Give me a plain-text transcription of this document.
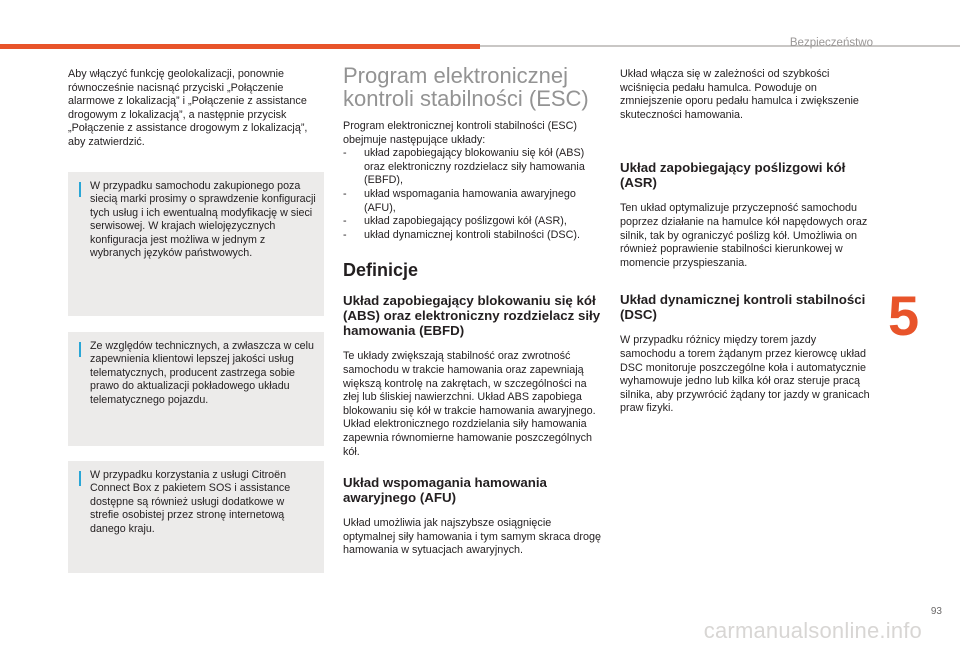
Bezpieczeństwo
5

Aby włączyć funkcję geolokalizacji, ponownie równocześnie nacisnąć przyciski „Połączenie alarmowe z lokalizacją” i „Połączenie z assistance drogowym z lokalizacją”, a następnie przycisk „Połączenie z assistance drogowym z lokalizacją”, aby zatwierdzić.

W przypadku samochodu zakupionego poza siecią marki prosimy o sprawdzenie konfiguracji tych usług i ich ewentualną modyfikację w sieci serwisowej. W krajach wielojęzycznych konfiguracja jest możliwa w jednym z wybranych języków państwowych.

Ze względów technicznych, a zwłaszcza w celu zapewnienia klientowi lepszej jakości usług telematycznych, producent zastrzega sobie prawo do aktualizacji pokładowego układu telematycznego pojazdu.

W przypadku korzystania z usługi Citroën Connect Box z pakietem SOS i assistance dostępne są również usługi dodatkowe w strefie osobistej przez stronę internetową danego kraju.

Program elektronicznej kontroli stabilności (ESC)

Program elektronicznej kontroli stabilności (ESC) obejmuje następujące układy:

- układ zapobiegający blokowaniu się kół (ABS) oraz elektroniczny rozdzielacz siły hamowania (EBFD),
- układ wspomagania hamowania awaryjnego (AFU),
- układ zapobiegający poślizgowi kół (ASR),
- układ dynamicznej kontroli stabilności (DSC).
Definicje
Układ zapobiegający blokowaniu się kół (ABS) oraz elektroniczny rozdzielacz siły hamowania (EBFD)

Te układy zwiększają stabilność oraz zwrotność samochodu w trakcie hamowania oraz zapewniają większą kontrolę na zakrętach, w szczególności na złej lub śliskiej nawierzchni. Układ ABS zapobiega blokowaniu się kół w trakcie hamowania awaryjnego. Układ elektronicznego rozdzielania siły hamowania zapewnia równomierne hamowanie poszczególnych kół.

Układ wspomagania hamowania awaryjnego (AFU)

Układ umożliwia jak najszybsze osiągnięcie optymalnej siły hamowania i tym samym skraca drogę hamowania w sytuacjach awaryjnych.

Układ włącza się w zależności od szybkości wciśnięcia pedału hamulca. Powoduje on zmniejszenie oporu pedału hamulca i zwiększenie skuteczności hamowania.

Układ zapobiegający poślizgowi kół (ASR)

Ten układ optymalizuje przyczepność samochodu poprzez działanie na hamulce kół napędowych oraz silnik, tak by ograniczyć poślizg kół. Umożliwia on również poprawienie stabilności kierunkowej w momencie przyspieszania.

Układ dynamicznej kontroli stabilności (DSC)

W przypadku różnicy między torem jazdy samochodu a torem żądanym przez kierowcę układ DSC monitoruje poszczególne koła i automatycznie wyhamowuje jedno lub kilka kół oraz steruje pracą silnika, aby przywrócić żądany tor jazdy w granicach praw fizyki.

93
carmanualsonline.info
